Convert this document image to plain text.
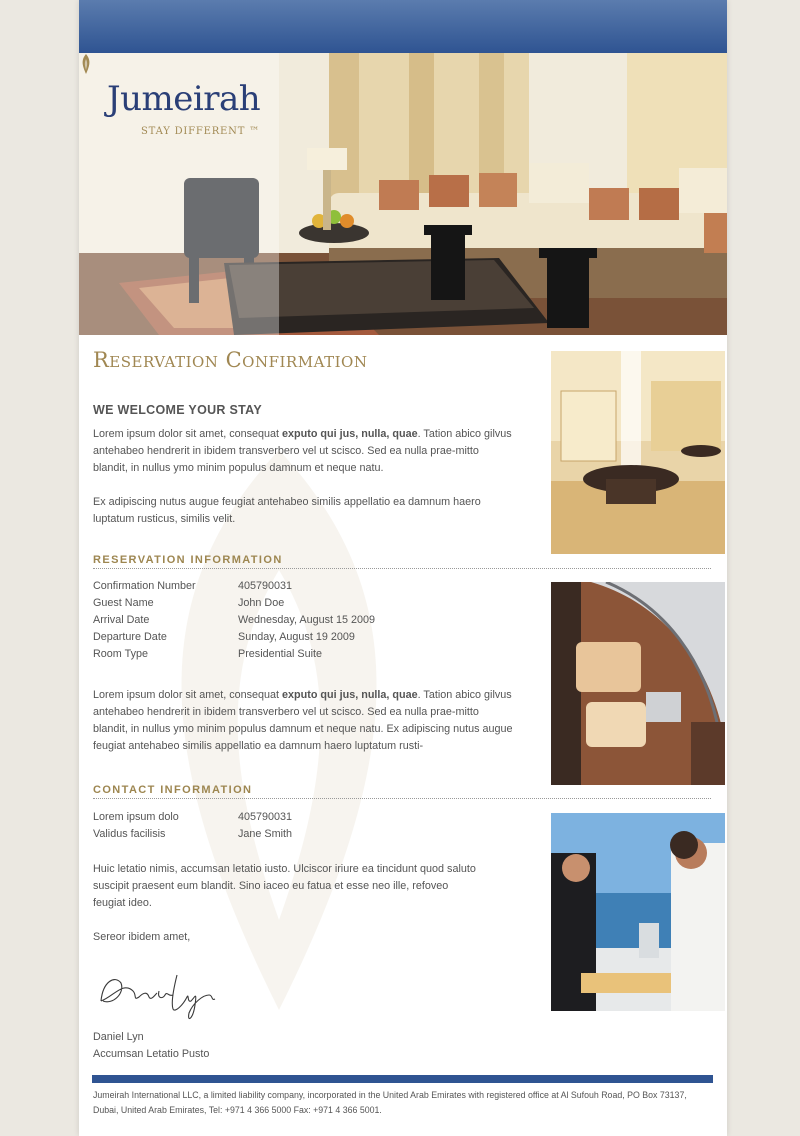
Jumeirah
STAY DIFFERENT ™
Reservation Confirmation
WE WELCOME YOUR STAY
Lorem ipsum dolor sit amet, consequat exputo qui jus, nulla, quae. Tation abico gilvus antehabeo hendrerit in ibidem transverbero vel ut scisco. Sed ea nulla prae-mitto blandit, in nullus ymo minim populus damnum et neque natu.
Ex adipiscing nutus augue feugiat antehabeo similis appellatio ea damnum haero luptatum rusticus, similis velit.
RESERVATION INFORMATION
Confirmation Number	405790031
Guest Name	John Doe
Arrival Date	Wednesday, August 15 2009
Departure Date	Sunday, August 19 2009
Room Type	Presidential Suite
Lorem ipsum dolor sit amet, consequat exputo qui jus, nulla, quae. Tation abico gilvus antehabeo hendrerit in ibidem transverbero vel ut scisco. Sed ea nulla prae-mitto blandit, in nullus ymo minim populus damnum et neque natu. Ex adipiscing nutus augue feugiat antehabeo similis appellatio ea damnum haero luptatum rusti-
CONTACT INFORMATION
Lorem ipsum dolo	405790031
Validus facilisis	Jane Smith
Huic letatio nimis, accumsan letatio iusto. Ulciscor iriure ea tincidunt quod saluto suscipit praesent eum blandit. Sino iaceo eu fatua et esse neo ille, refoveo feugiat ideo.
Sereor ibidem amet,
Daniel Lyn
Accumsan Letatio Pusto
Jumeirah International LLC, a limited liability company, incorporated in the United Arab Emirates with registered office at Al Sufouh Road, PO Box 73137, Dubai, United Arab Emirates, Tel: +971 4 366 5000 Fax: +971 4 366 5001.
